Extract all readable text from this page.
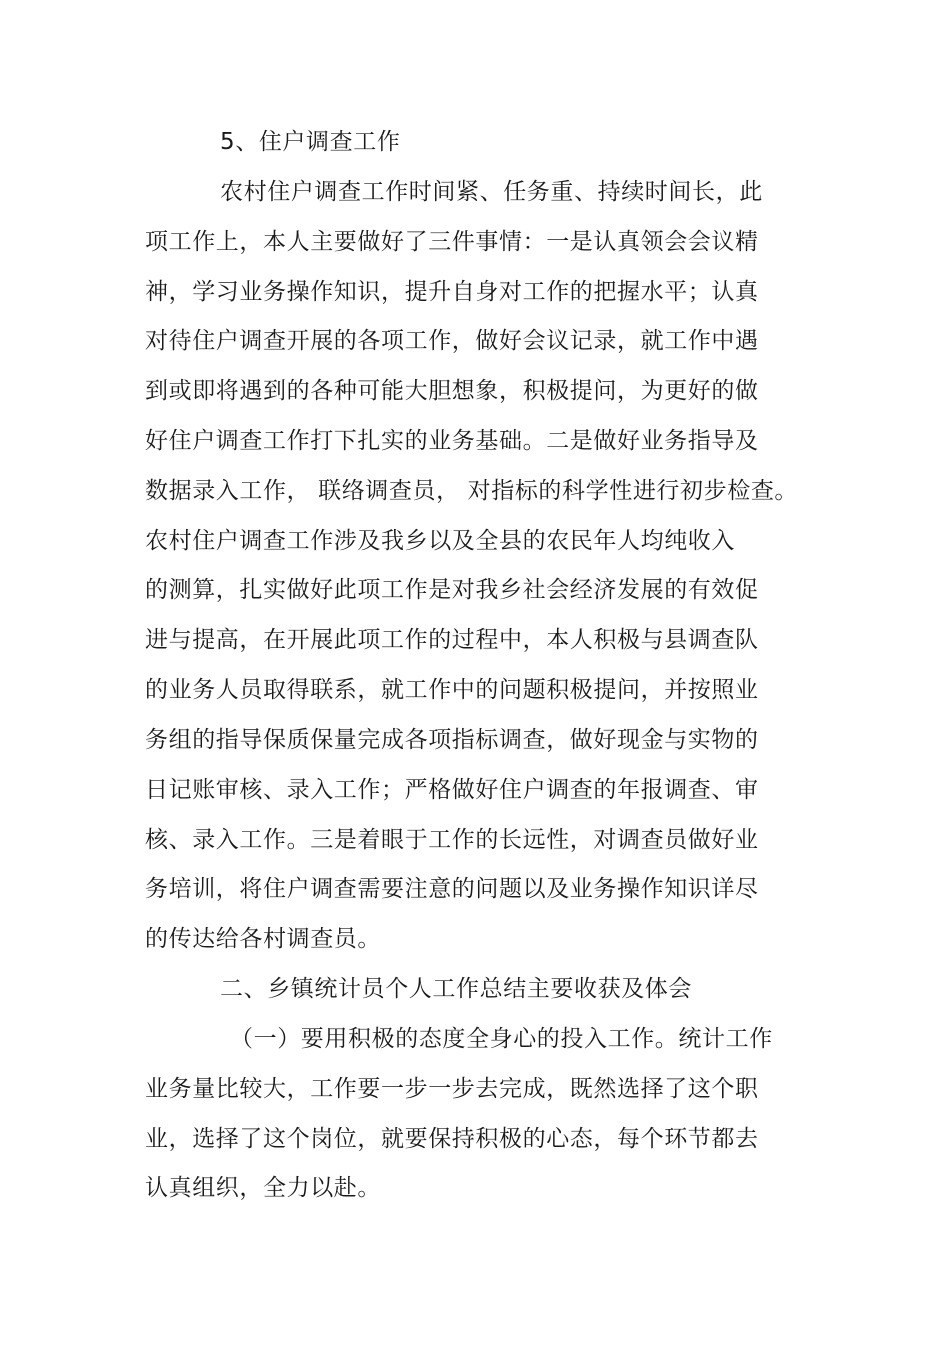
5、住户调查工作
农村住户调查工作时间紧、任务重、持续时间长，此
项工作上，本人主要做好了三件事情：一是认真领会会议精
神，学习业务操作知识，提升自身对工作的把握水平；认真
对待住户调查开展的各项工作，做好会议记录，就工作中遇
到或即将遇到的各种可能大胆想象，积极提问，为更好的做
好住户调查工作打下扎实的业务基础。二是做好业务指导及
数据录入工作， 联络调查员， 对指标的科学性进行初步检查。
农村住户调查工作涉及我乡以及全县的农民年人均纯收入
的测算，扎实做好此项工作是对我乡社会经济发展的有效促
进与提高，在开展此项工作的过程中，本人积极与县调查队
的业务人员取得联系，就工作中的问题积极提问，并按照业
务组的指导保质保量完成各项指标调查，做好现金与实物的
日记账审核、录入工作；严格做好住户调查的年报调查、审
核、录入工作。三是着眼于工作的长远性，对调查员做好业
务培训，将住户调查需要注意的问题以及业务操作知识详尽
的传达给各村调查员。
二、乡镇统计员个人工作总结主要收获及体会
（一）要用积极的态度全身心的投入工作。统计工作
业务量比较大，工作要一步一步去完成，既然选择了这个职
业，选择了这个岗位，就要保持积极的心态，每个环节都去
认真组织，全力以赴。
